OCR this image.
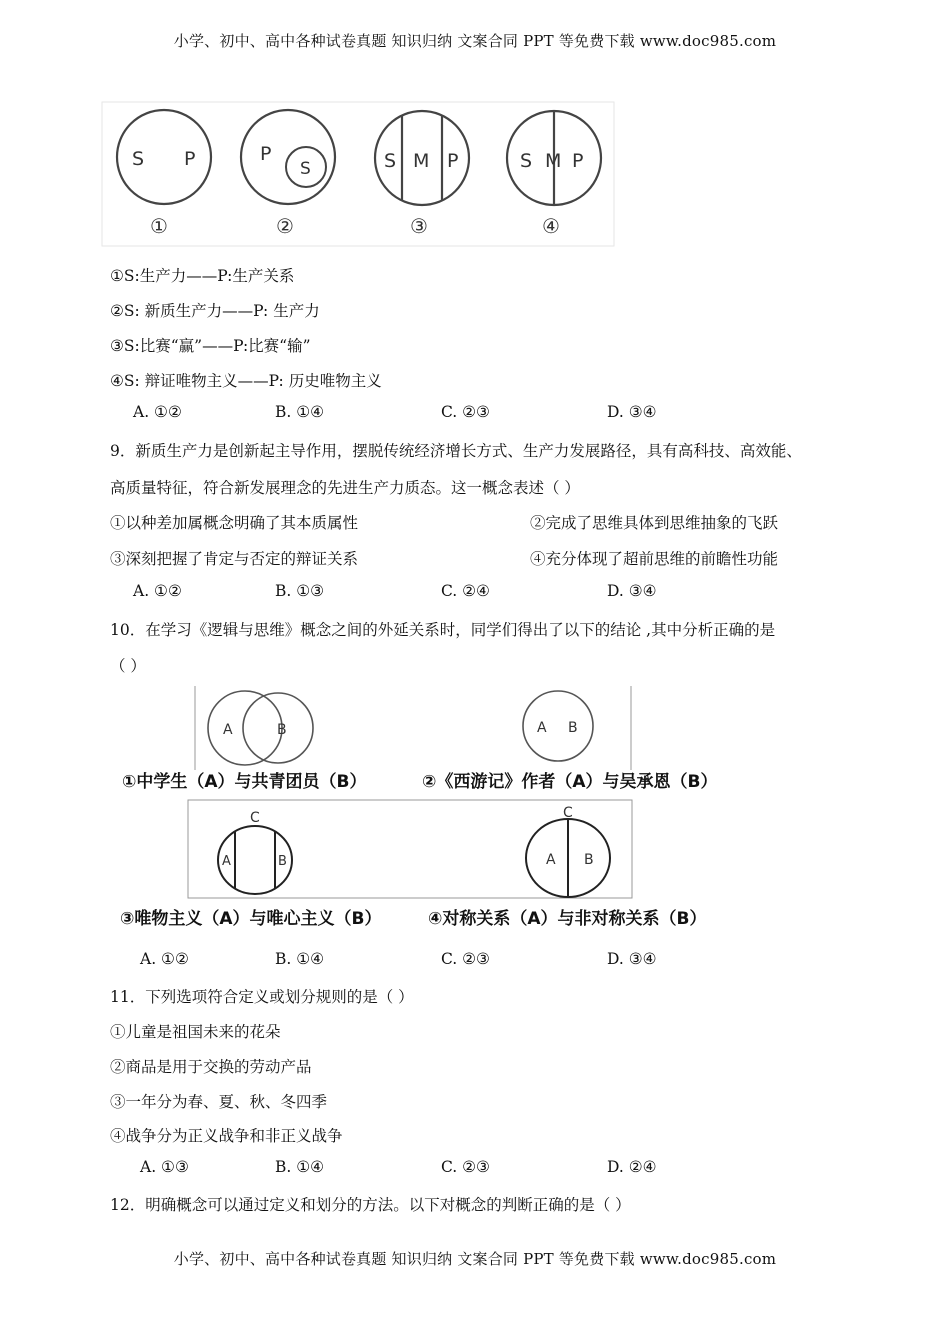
小学、初中、高中各种试卷真题 知识归纳 文案合同 PPT 等免费下载 www.doc985.com
小学、初中、高中各种试卷真题 知识归纳 文案合同 PPT 等免费下载 www.doc985.com
S P
①
P
S
②
S M P
③
S M P
④
①S:生产力——P:生产关系
②S: 新质生产力——P: 生产力
③S:比赛“赢”——P:比赛“输”
④S: 辩证唯物主义——P: 历史唯物主义
A. ①②	B. ①④	C. ②③	D. ③④
9．新质生产力是创新起主导作用，摆脱传统经济增长方式、生产力发展路径，具有高科技、高效能、
高质量特征，符合新发展理念的先进生产力质态。这一概念表述（ ）
①以种差加属概念明确了其本质属性	②完成了思维具体到思维抽象的飞跃
③深刻把握了肯定与否定的辩证关系	④充分体现了超前思维的前瞻性功能
A. ①②	B. ①③	C. ②④	D. ③④
10．在学习《逻辑与思维》概念之间的外延关系时，同学们得出了以下的结论 ,其中分析正确的是
（ ）
A	B	A B
①中学生（A）与共青团员（B）	②《西游记》作者（A）与吴承恩（B）
C
A	B
C
A B
③唯物主义（A）与唯心主义（B）	④对称关系（A）与非对称关系（B）
A. ①②	B. ①④	C. ②③	D. ③④
11．下列选项符合定义或划分规则的是（ ）
①儿童是祖国未来的花朵
②商品是用于交换的劳动产品
③一年分为春、夏、秋、冬四季
④战争分为正义战争和非正义战争
A. ①③	B. ①④	C. ②③	D. ②④
12．明确概念可以通过定义和划分的方法。以下对概念的判断正确的是（ ）
